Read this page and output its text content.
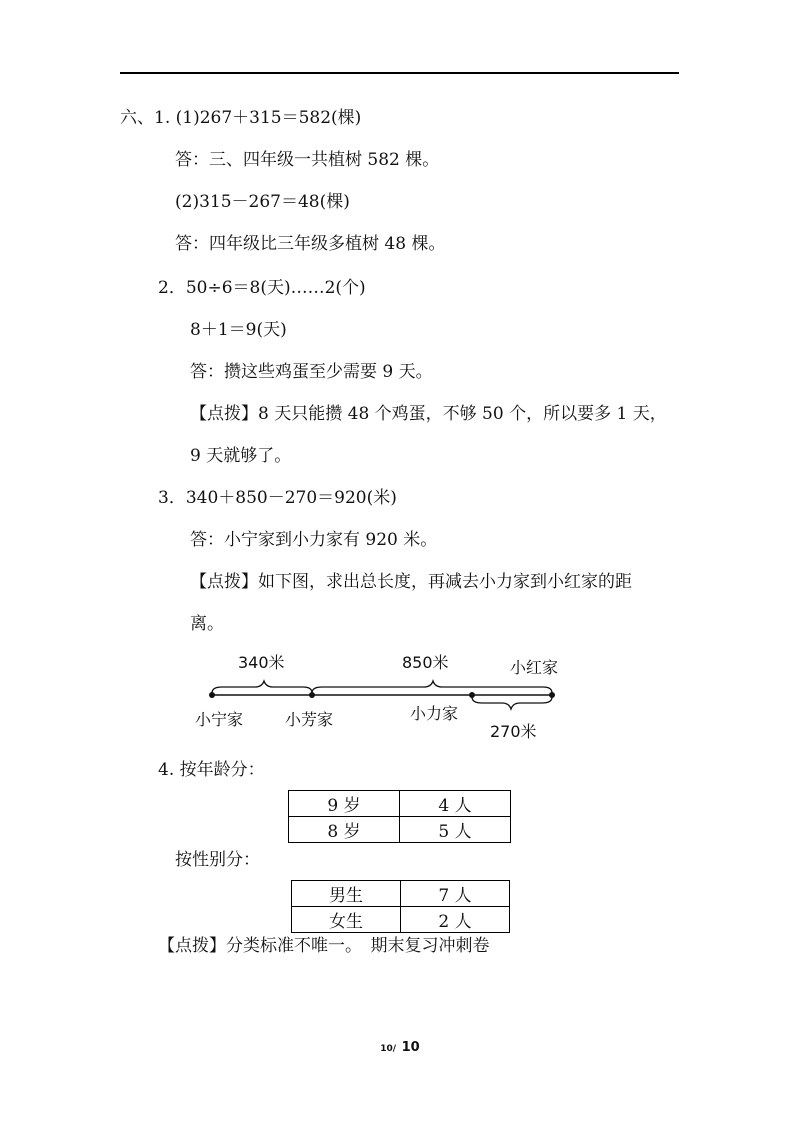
六、1. (1)267＋315＝582(棵)
答：三、四年级一共植树 582 棵。
(2)315－267＝48(棵)
答：四年级比三年级多植树 48 棵。
2．50÷6＝8(天)……2(个)
8＋1＝9(天)
答：攒这些鸡蛋至少需要 9 天。
【点拨】8 天只能攒 48 个鸡蛋，不够 50 个，所以要多 1 天，
9 天就够了。
3．340＋850－270＝920(米)
答：小宁家到小力家有 920 米。
【点拨】如下图，求出总长度，再减去小力家到小红家的距
离。
340米	850米	小红家
小宁家	小芳家	小力家
270米
4. 按年龄分：
9 岁	4 人
8 岁	5 人
按性别分：
男生	7 人
女生	2 人
【点拨】分类标准不唯一。　期末复习冲刺卷
10/ 10
